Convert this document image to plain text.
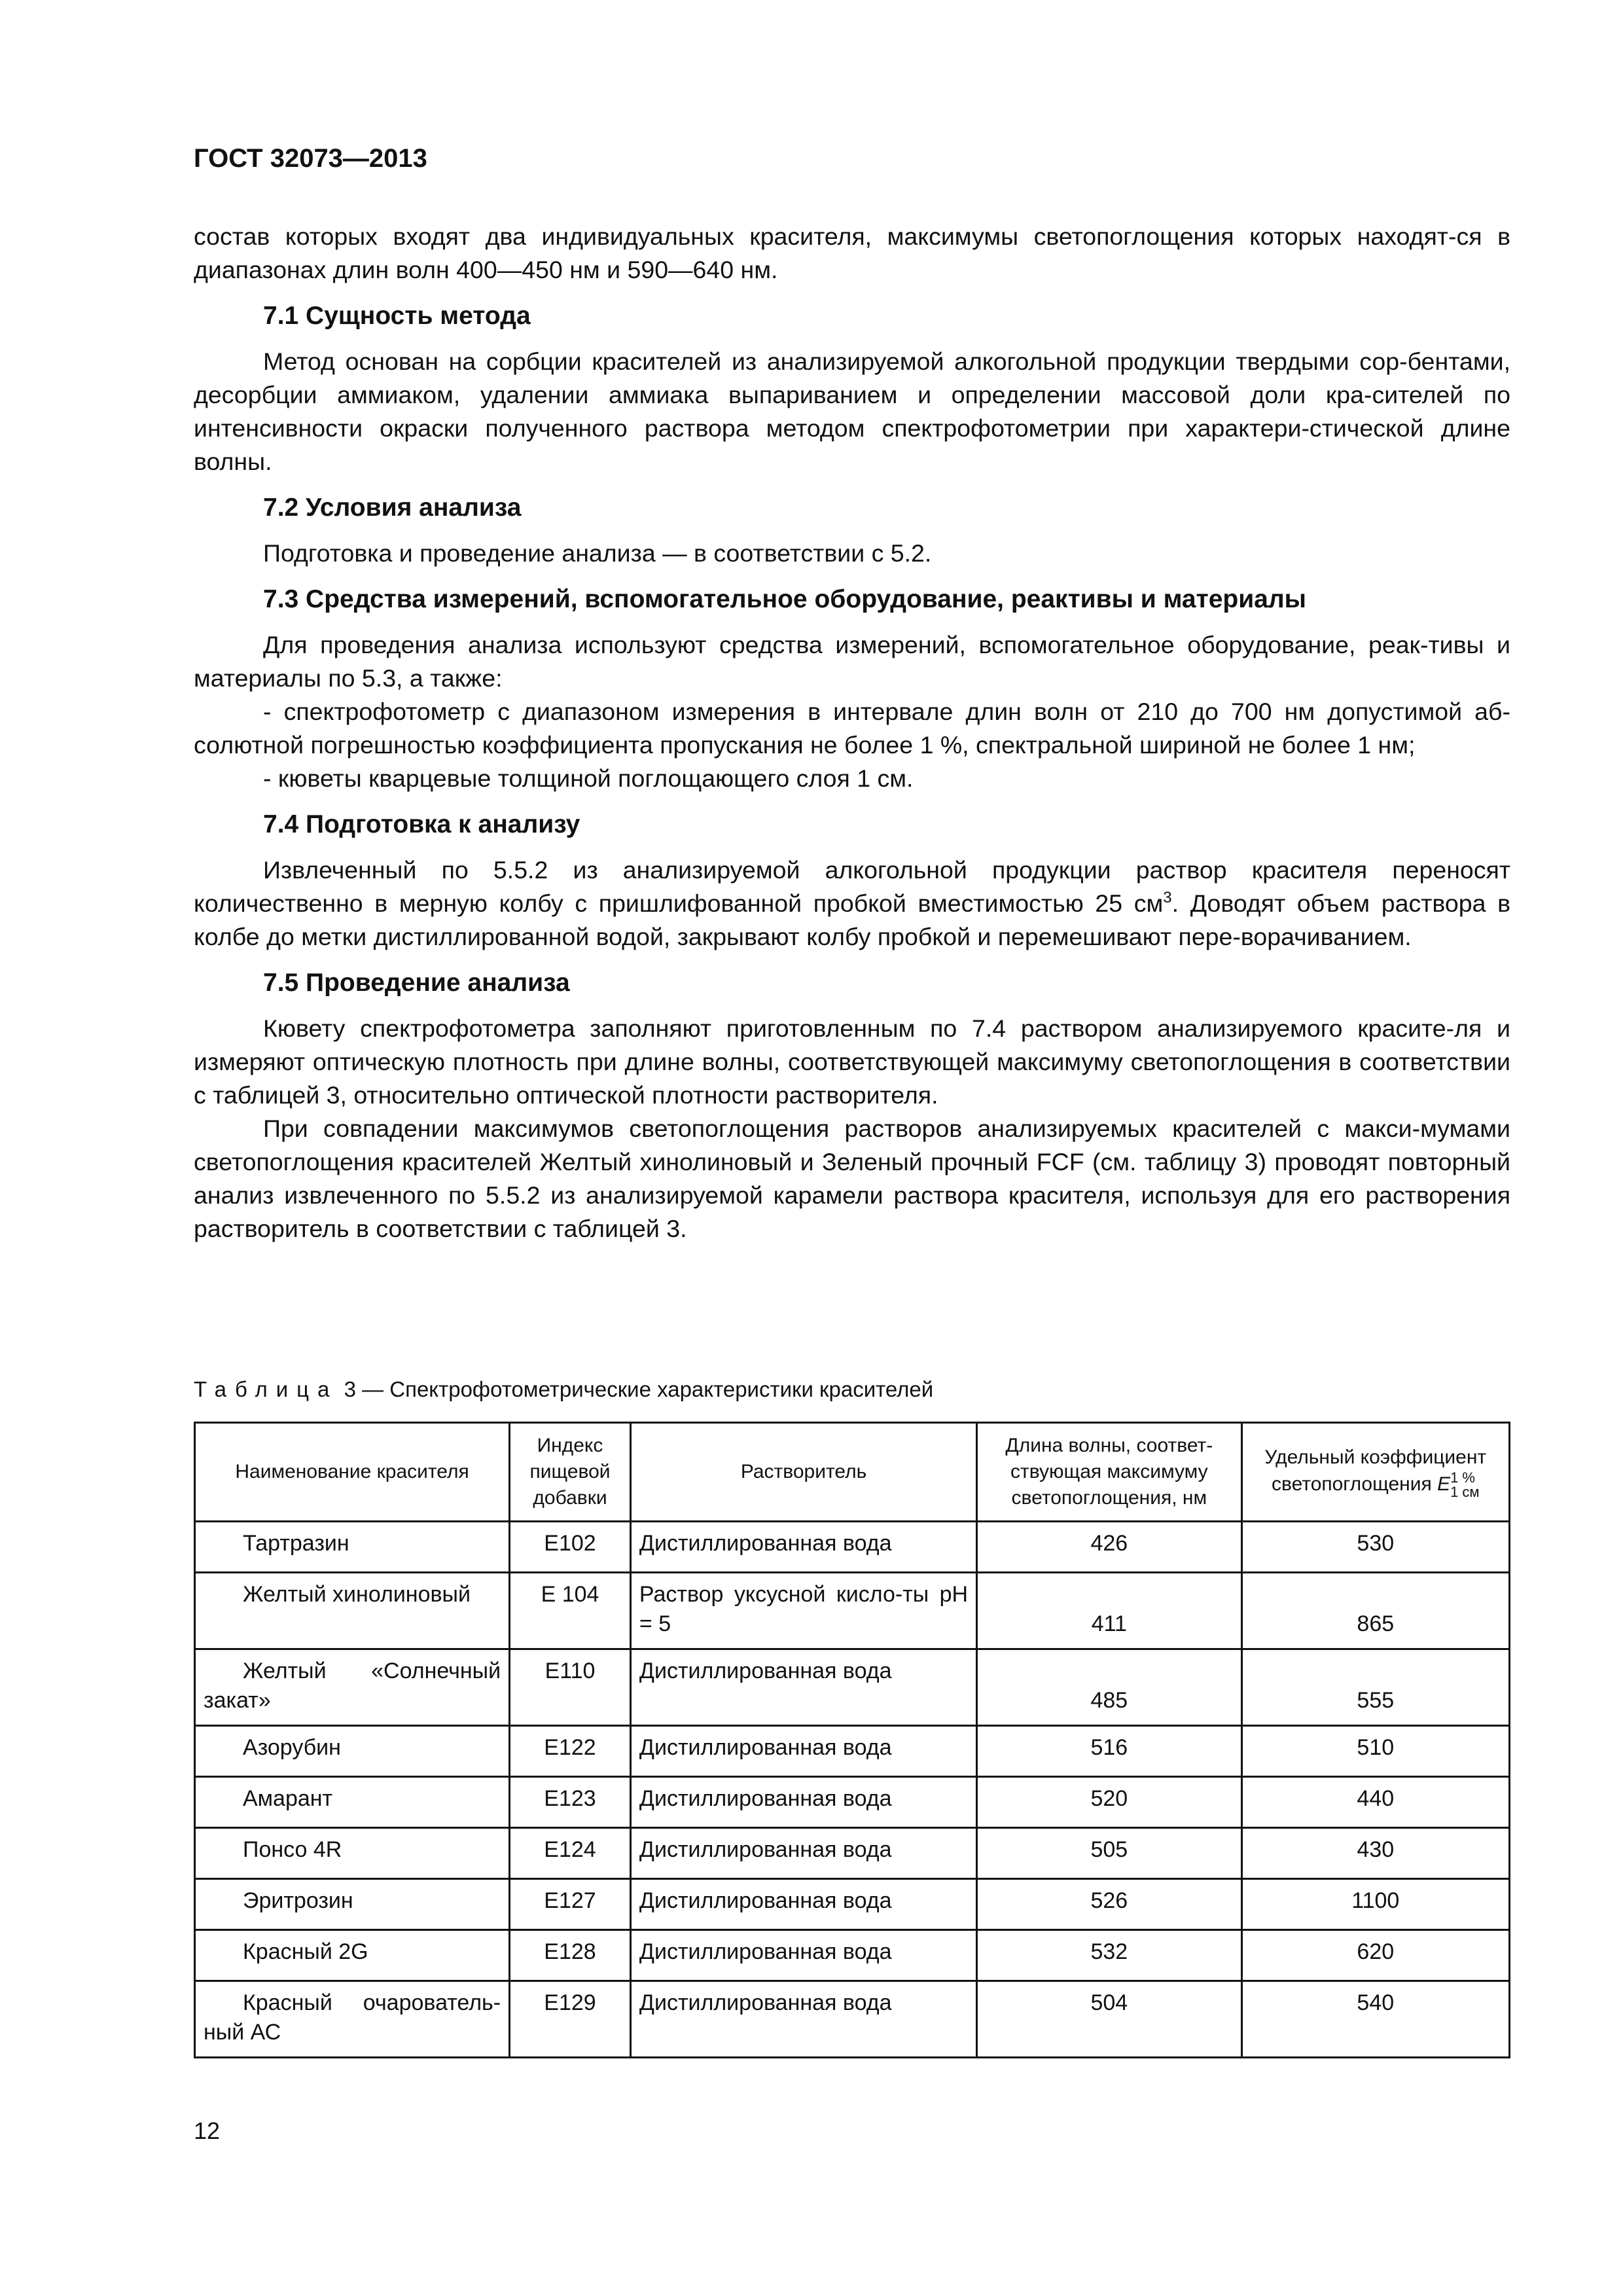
ГОСТ 32073—2013

состав которых входят два индивидуальных красителя, максимумы светопоглощения которых находят-ся в диапазонах длин волн 400—450 нм и 590—640 нм.

7.1 Сущность метода

Метод основан на сорбции красителей из анализируемой алкогольной продукции твердыми сор-бентами, десорбции аммиаком, удалении аммиака выпариванием и определении массовой доли кра-сителей по интенсивности окраски полученного раствора методом спектрофотометрии при характери-стической длине волны.

7.2 Условия анализа

Подготовка и проведение анализа — в соответствии с 5.2.

7.3 Средства измерений, вспомогательное оборудование, реактивы и материалы

Для проведения анализа используют средства измерений, вспомогательное оборудование, реак-тивы и материалы по 5.3, а также:

- спектрофотометр с диапазоном измерения в интервале длин волн от 210 до 700 нм допустимой аб-солютной погрешностью коэффициента пропускания не более 1 %, спектральной шириной не более 1 нм;

- кюветы кварцевые толщиной поглощающего слоя 1 см.

7.4 Подготовка к анализу

Извлеченный по 5.5.2 из анализируемой алкогольной продукции раствор красителя переносят количественно в мерную колбу с пришлифованной пробкой вместимостью 25 $см^3$. Доводят объем раствора в колбе до метки дистиллированной водой, закрывают колбу пробкой и перемешивают пере-ворачиванием.

7.5 Проведение анализа

Кювету спектрофотометра заполняют приготовленным по 7.4 раствором анализируемого красите-ля и измеряют оптическую плотность при длине волны, соответствующей максимуму светопоглощения в соответствии с таблицей 3, относительно оптической плотности растворителя.

При совпадении максимумов светопоглощения растворов анализируемых красителей с макси-мумами светопоглощения красителей Желтый хинолиновый и Зеленый прочный FCF (см. таблицу 3) проводят повторный анализ извлеченного по 5.5.2 из анализируемой карамели раствора красителя, используя для его растворения растворитель в соответствии с таблицей 3.

Таблица 3 — Спектрофотометрические характеристики красителей
Наименование красителя	Индекс пищевой добавки	Растворитель	Длина волны, соответ-ствующая максимуму светопоглощения, нм	Удельный коэффициент светопоглощения E 1 %
1 см

Тартразин	E102	Дистиллированная вода	426	530
Желтый хинолиновый	E 104	Раствор уксусной кисло-ты pH = 5	411	865
Желтый «Солнечный закат»	E110	Дистиллированная вода	485	555
Азорубин	E122	Дистиллированная вода	516	510
Амарант	E123	Дистиллированная вода	520	440
Понсо 4R	E124	Дистиллированная вода	505	430
Эритрозин	E127	Дистиллированная вода	526	1100
Красный 2G	E128	Дистиллированная вода	532	620
Красный очарователь-ный АС	E129	Дистиллированная вода	504	540
12
